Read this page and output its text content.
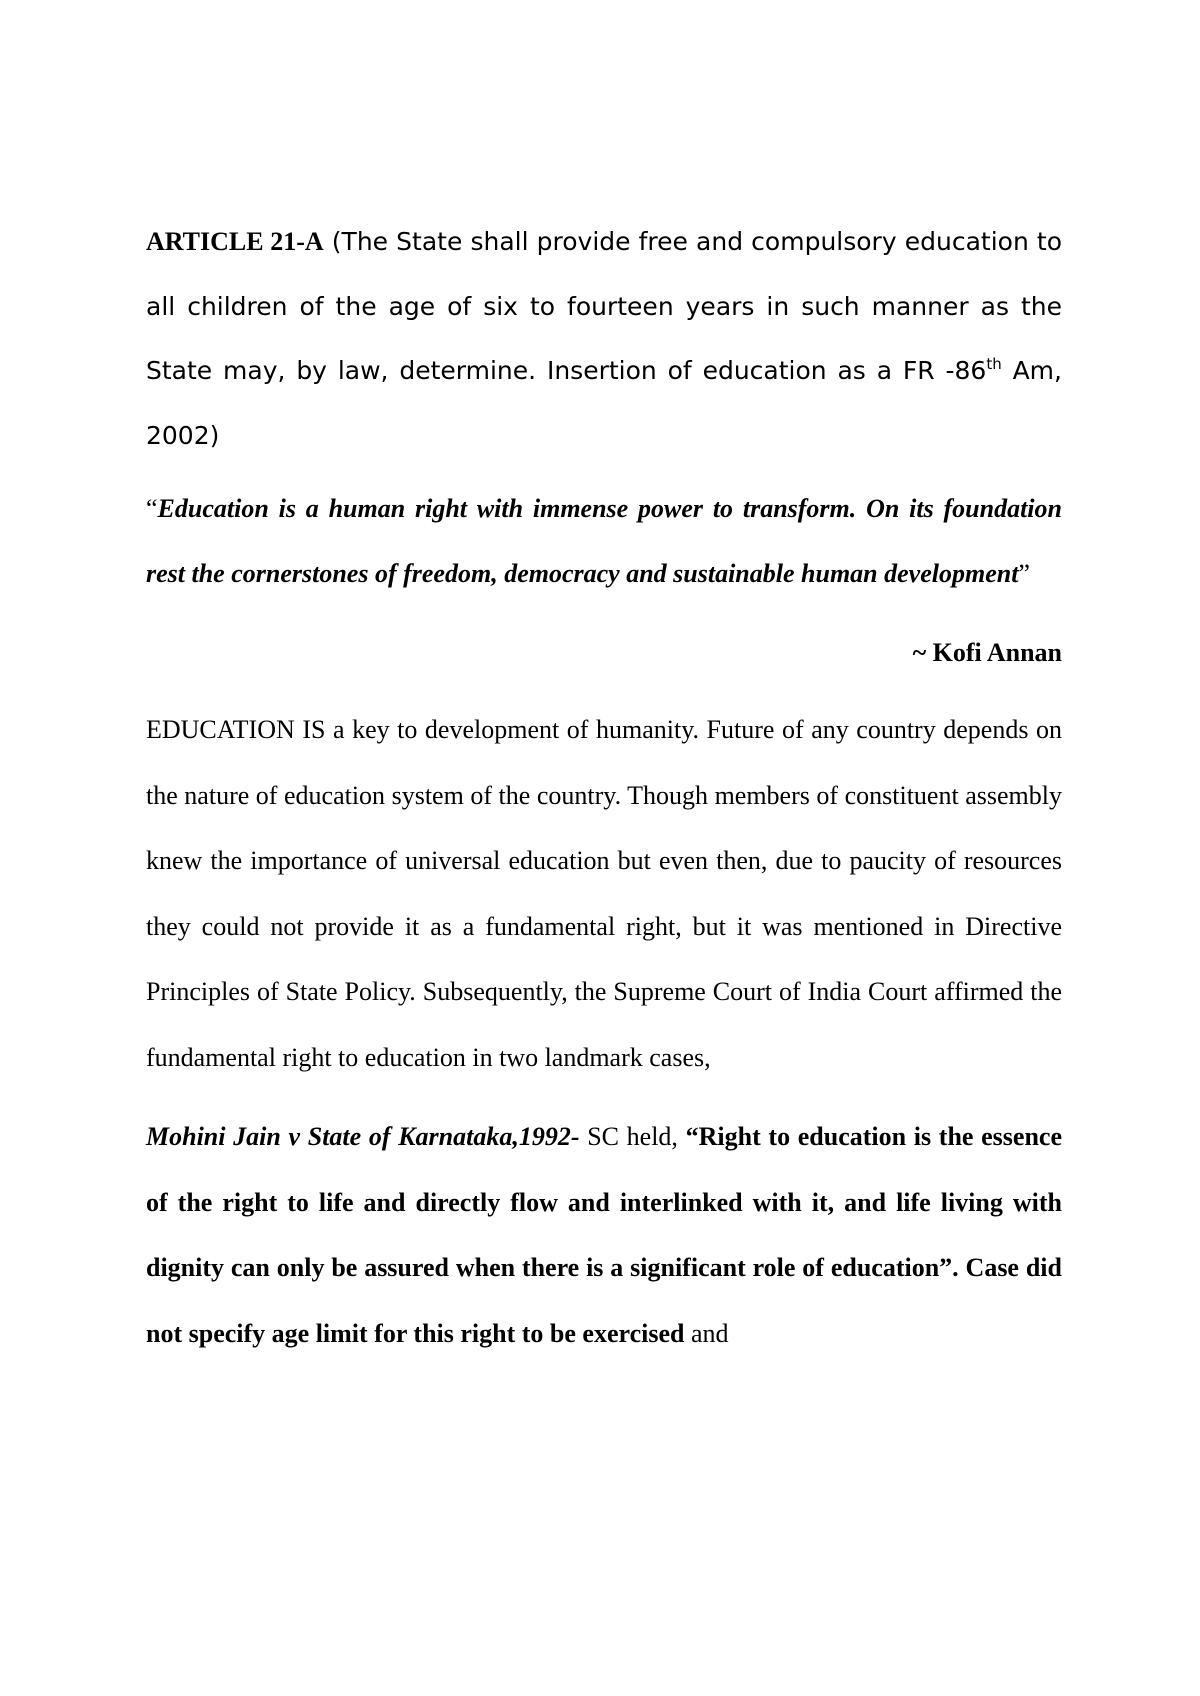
ARTICLE 21-A (The State shall provide free and compulsory education to all children of the age of six to fourteen years in such manner as the State may, by law, determine. Insertion of education as a FR -86th Am, 2002)

“Education is a human right with immense power to transform. On its foundation rest the cornerstones of freedom, democracy and sustainable human development”

~ Kofi Annan

EDUCATION IS a key to development of humanity. Future of any country depends on the nature of education system of the country. Though members of constituent assembly knew the importance of universal education but even then, due to paucity of resources they could not provide it as a fundamental right, but it was mentioned in Directive Principles of State Policy. Subsequently, the Supreme Court of India Court affirmed the fundamental right to education in two landmark cases,

Mohini Jain v State of Karnataka,1992- SC held, “Right to education is the essence of the right to life and directly flow and interlinked with it, and life living with dignity can only be assured when there is a significant role of education”. Case did not specify age limit for this right to be exercised and
